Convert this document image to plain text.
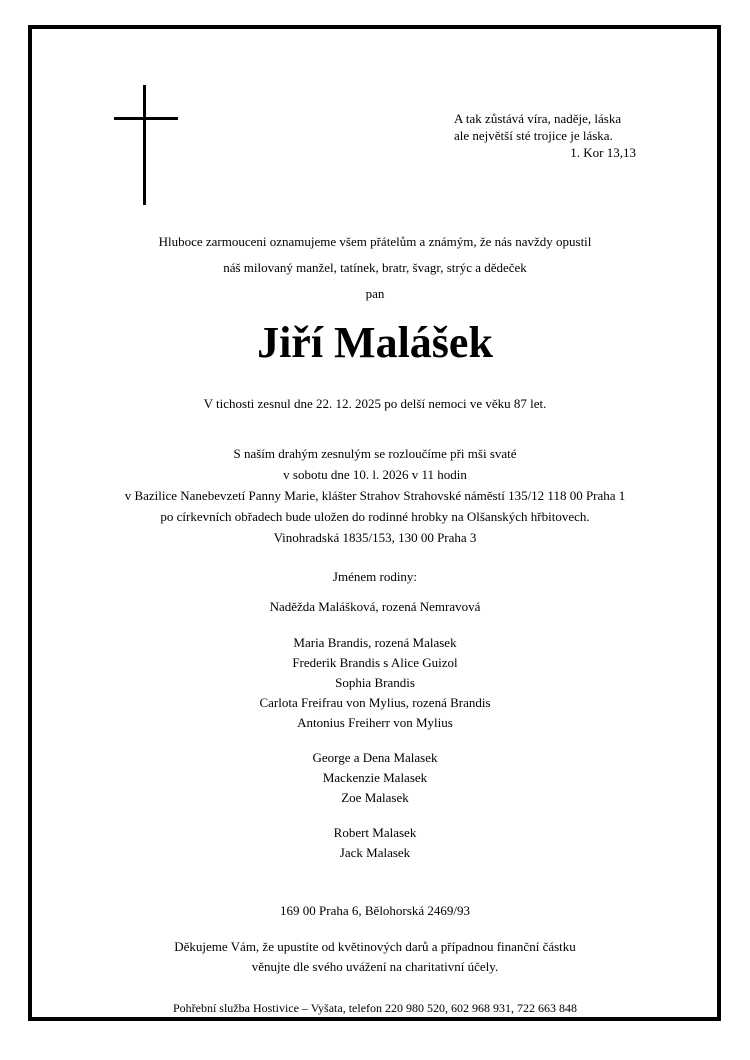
A tak zůstává víra, naděje, láska
ale největší sté trojice je láska.
1. Kor 13,13
Hluboce zarmouceni oznamujeme všem přátelům a známým, že nás navždy opustil
náš milovaný manžel, tatínek, bratr, švagr, strýc a dědeček
pan
Jiří Malášek
V tichosti zesnul dne 22. 12. 2025 po delší nemoci ve věku 87 let.
S naším drahým zesnulým se rozloučíme při mši svaté
v sobotu dne 10. l. 2026 v 11 hodin
v Bazilice Nanebevzetí Panny Marie, klášter Strahov Strahovské náměstí 135/12 118 00 Praha 1
po církevních obřadech bude uložen do rodinné hrobky na Olšanských hřbitovech.
Vinohradská 1835/153, 130 00 Praha 3
Jménem rodiny:
Naděžda Malášková, rozená Nemravová
Maria Brandis, rozená Malasek
Frederik Brandis s Alice Guizol
Sophia Brandis
Carlota Freifrau von Mylius, rozená Brandis
Antonius Freiherr von Mylius
George a Dena Malasek
Mackenzie Malasek
Zoe Malasek
Robert Malasek
Jack Malasek
169 00 Praha 6, Bělohorská 2469/93
Děkujeme Vám, že upustíte od květinových darů a případnou finanční částku
věnujte dle svého uvážení na charitativní účely.
Pohřební služba Hostivice – Vyšata, telefon 220 980 520, 602 968 931, 722 663 848
